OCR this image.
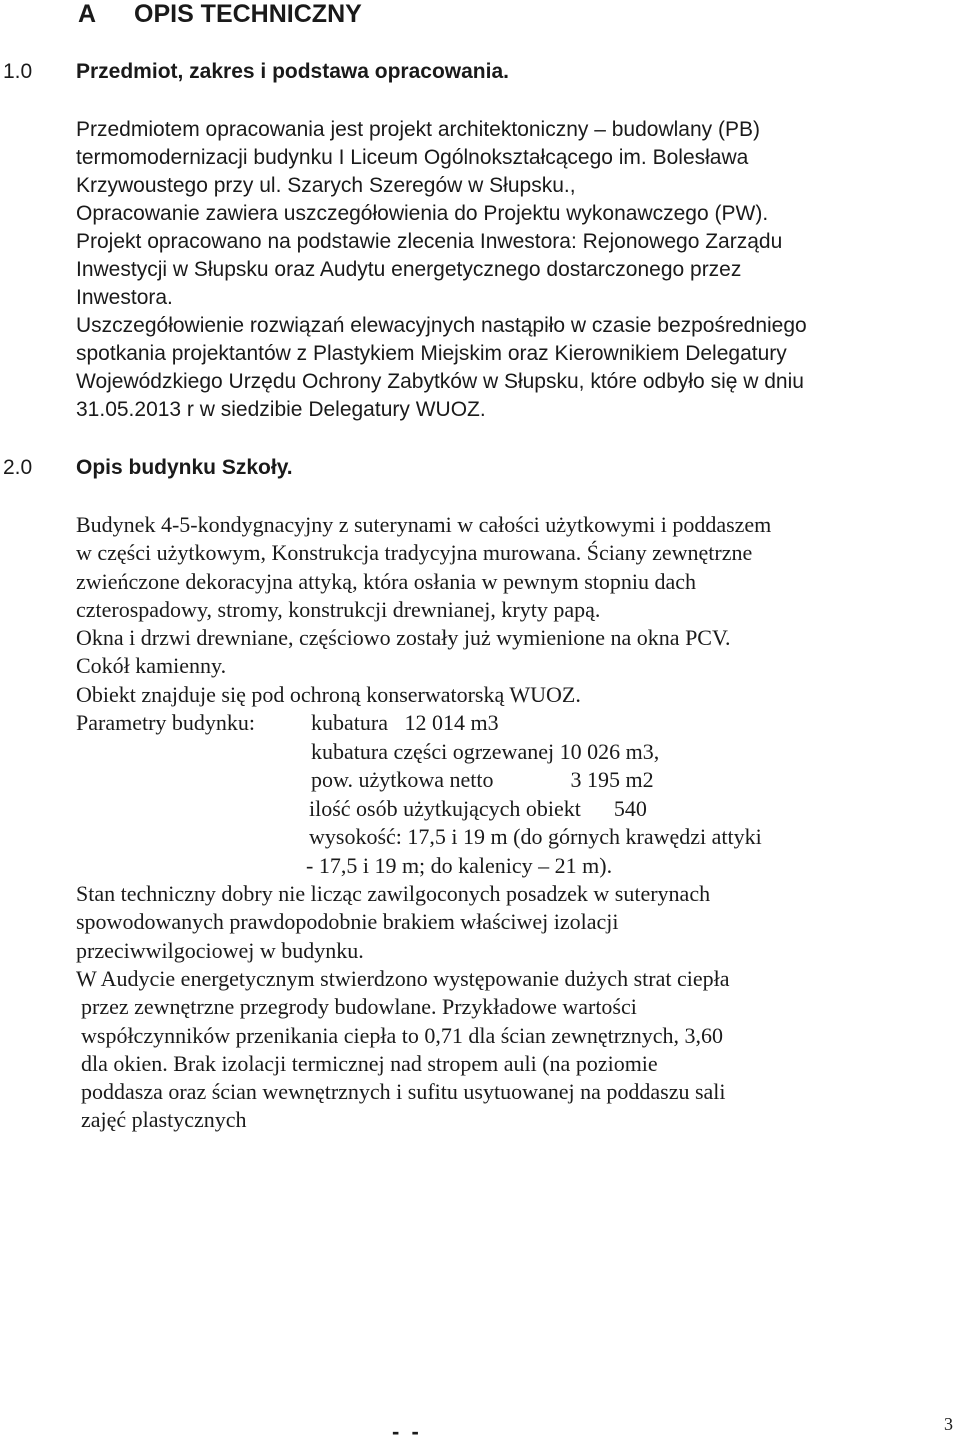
A OPIS TECHNICZNY
1.0 Przedmiot, zakres i podstawa opracowania.
Przedmiotem opracowania jest projekt architektoniczny – budowlany (PB)
termomodernizacji budynku I Liceum Ogólnokształcącego im. Bolesława
Krzywoustego przy ul. Szarych Szeregów w Słupsku.,
Opracowanie zawiera uszczegółowienia do Projektu wykonawczego (PW).
Projekt opracowano na podstawie zlecenia Inwestora: Rejonowego Zarządu
Inwestycji w Słupsku oraz Audytu energetycznego dostarczonego przez
Inwestora.
Uszczegółowienie rozwiązań elewacyjnych nastąpiło w czasie bezpośredniego
spotkania projektantów z Plastykiem Miejskim oraz Kierownikiem Delegatury
Wojewódzkiego Urzędu Ochrony Zabytków w Słupsku, które odbyło się w dniu
31.05.2013 r w siedzibie Delegatury WUOZ.
2.0 Opis budynku Szkoły.
Budynek 4-5-kondygnacyjny z suterynami w całości użytkowymi i poddaszem
w części użytkowym, Konstrukcja tradycyjna murowana. Ściany zewnętrzne
zwieńczone dekoracyjna attyką, która osłania w pewnym stopniu dach
czterospadowy, stromy, konstrukcji drewnianej, kryty papą.
Okna i drzwi drewniane, częściowo zostały już wymienione na okna PCV.
Cokół kamienny.
Obiekt znajduje się pod ochroną konserwatorską WUOZ.
Parametry budynku:	kubatura   12 014 m3
kubatura części ogrzewanej 10 026 m3,
pow. użytkowa netto              3 195 m2
ilość osób użytkujących obiekt      540
wysokość: 17,5 i 19 m (do górnych krawędzi attyki
- 17,5 i 19 m; do kalenicy – 21 m).
Stan techniczny dobry nie licząc zawilgoconych posadzek w suterynach
spowodowanych prawdopodobnie brakiem właściwej izolacji
przeciwwilgociowej w budynku.
W Audycie energetycznym stwierdzono występowanie dużych strat ciepła
przez zewnętrzne przegrody budowlane. Przykładowe wartości
współczynników przenikania ciepła to 0,71 dla ścian zewnętrznych, 3,60
dla okien. Brak izolacji termicznej nad stropem auli (na poziomie
poddasza oraz ścian wewnętrznych i sufitu usytuowanej na poddaszu sali
zajęć plastycznych
-  -	3
